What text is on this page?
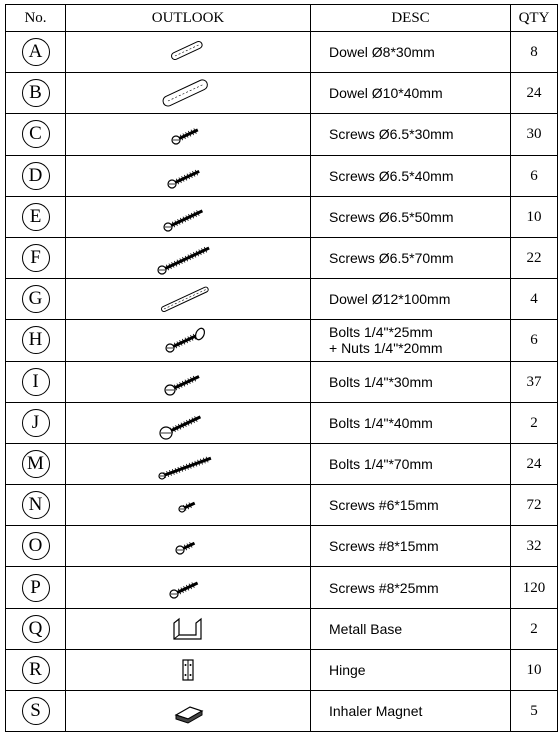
No.	OUTLOOK	DESC	QTY
A		Dowel Ø8*30mm	8
B		Dowel Ø10*40mm	24
C		Screws Ø6.5*30mm	30
D		Screws Ø6.5*40mm	6
E		Screws Ø6.5*50mm	10
F		Screws Ø6.5*70mm	22
G		Dowel Ø12*100mm	4
H		Bolts 1/4"*25mm
+ Nuts 1/4"*20mm	6
I		Bolts 1/4"*30mm	37
J		Bolts 1/4"*40mm	2
M		Bolts 1/4"*70mm	24
N		Screws #6*15mm	72
O		Screws #8*15mm	32
P		Screws #8*25mm	120
Q		Metall Base	2
R		Hinge	10
S		Inhaler Magnet	5
